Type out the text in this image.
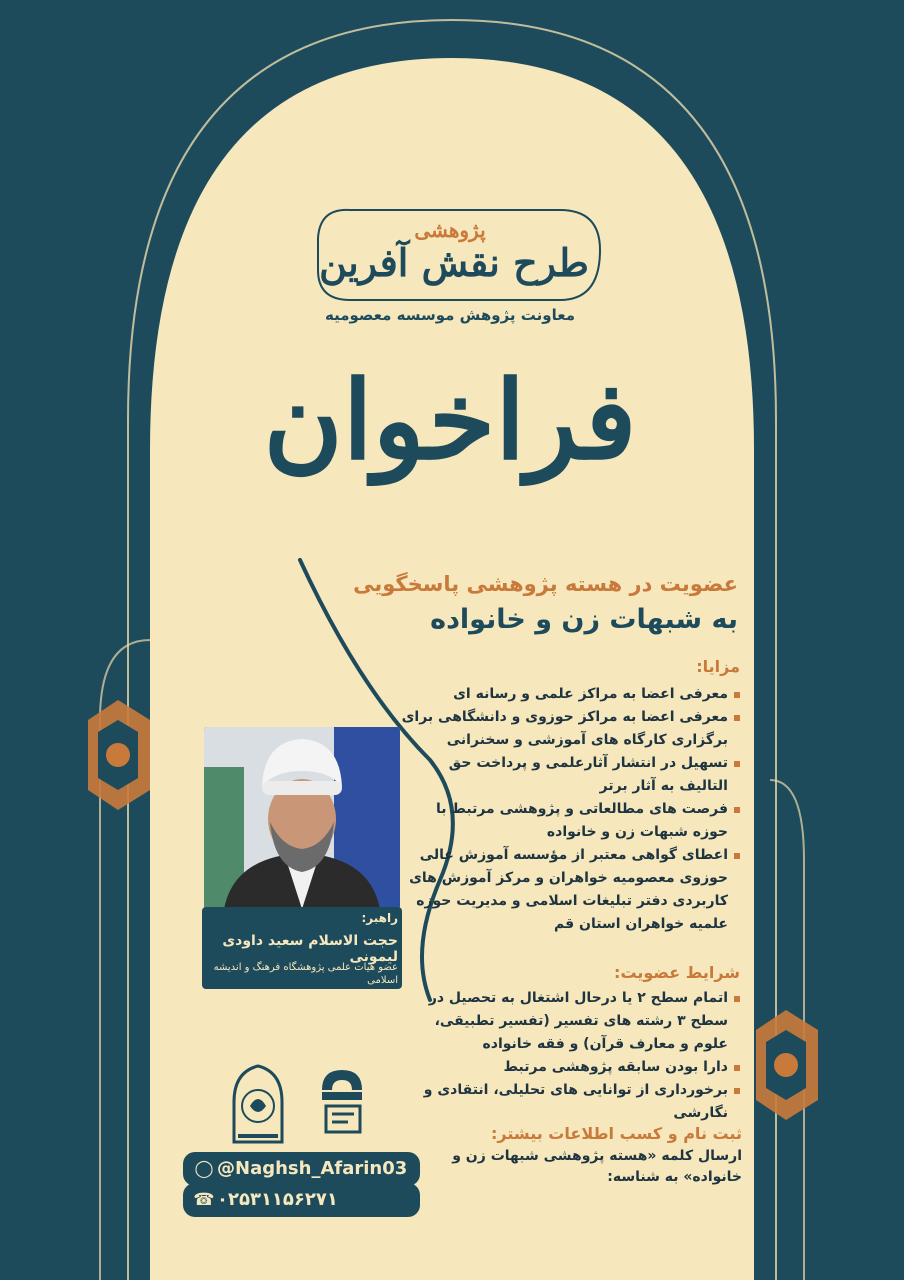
پژوهشی
طرح نقش آفرین
معاونت پژوهش موسسه معصومیه
فراخوان
عضویت در هسته پژوهشی پاسخگویی
به شبهات زن و خانواده
مزایا:
معرفی اعضا به مراکز علمی و رسانه ای
معرفی اعضا به مراکز حوزوی و دانشگاهی برای برگزاری کارگاه های آموزشی و سخنرانی
تسهیل در انتشار آثارعلمی و پرداخت حق التالیف به آثار برتر
فرصت های مطالعاتی و پژوهشی مرتبط با حوزه شبهات زن و خانواده
اعطای گواهی معتبر از مؤسسه آموزش عالی حوزوی معصومیه خواهران و مرکز آموزش های کاربردی دفتر تبلیغات اسلامی و مدیریت حوزه علمیه خواهران استان قم
شرایط عضویت:
اتمام سطح ۲ یا درحال اشتغال به تحصیل در سطح ۳ رشته های تفسیر (تفسیر تطبیقی، علوم و معارف قرآن) و فقه خانواده
دارا بودن سابقه پژوهشی مرتبط
برخورداری از توانایی های تحلیلی، انتقادی و نگارشی
ثبت نام و کسب اطلاعات بیشتر:
ارسال کلمه «هسته پژوهشی شبهات زن و خانواده» به شناسه:
راهبر:
حجت الاسلام سعید داودی لیمونی
عضو هیات علمی پژوهشگاه فرهنگ و اندیشه اسلامی
◯ @Naghsh_Afarin03
☎ ۰۲۵۳۱۱۵۶۲۷۱
